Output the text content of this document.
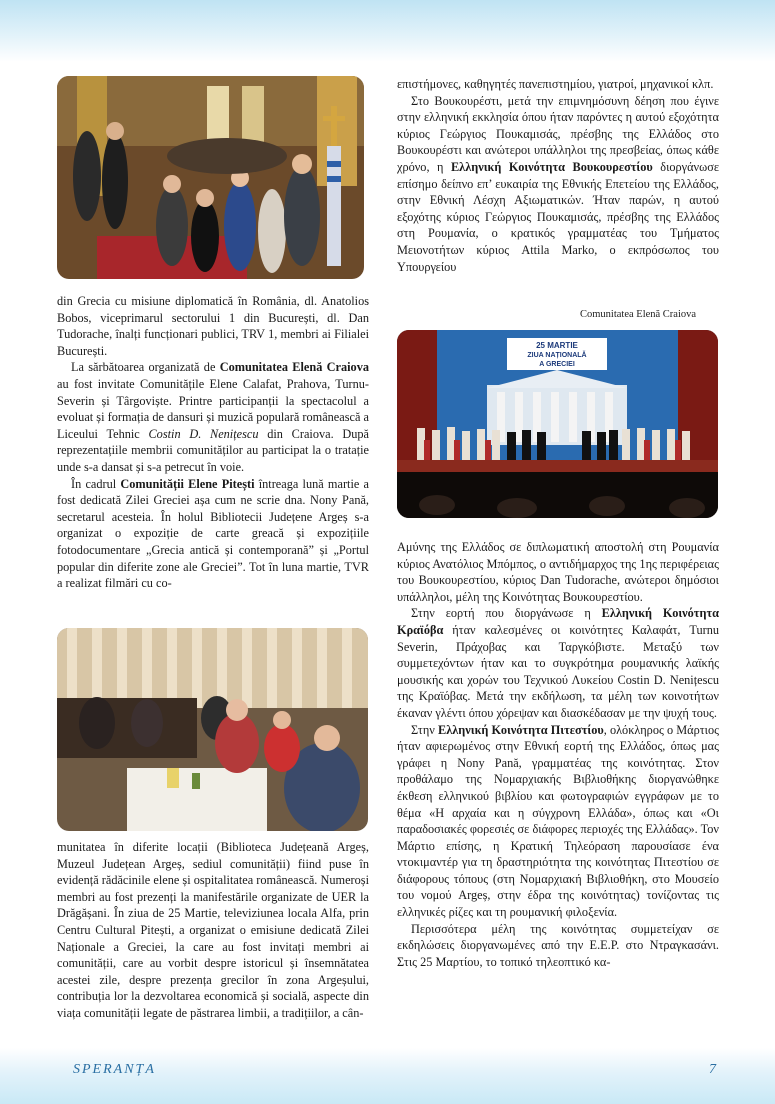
din Grecia cu misiune diplomatică în România, dl. Anatolios Bobos, viceprimarul sectorului 1 din București, dl. Dan Tudorache, înalți funcționari publici, TRV 1, membri ai Filialei București.

La sărbătoarea organizată de Comunitatea Elenă Craiova au fost invitate Comunitățile Elene Calafat, Prahova, Turnu-Severin și Târgoviște. Printre participanții la spectacolul a evoluat și formația de dansuri și muzică populară românească a Liceului Tehnic Costin D. Nenițescu din Craiova. După reprezentațiile membrii comunităților au participat la o tratație unde s-a dansat și s-a petrecut în voie.

În cadrul Comunității Elene Pitești întreaga lună martie a fost dedicată Zilei Greciei așa cum ne scrie dna. Nony Pană, secretarul acesteia. În holul Bibliotecii Județene Argeș s-a organizat o expoziție de carte greacă și expozițiile fotodocumentare „Grecia antică și contemporană” și „Portul popular din diferite zone ale Greciei”. Tot în luna martie, TVR a realizat filmări cu co-

munitatea în diferite locații (Biblioteca Județeană Argeș, Muzeul Județean Argeș, sediul comunității) fiind puse în evidență rădăcinile elene și ospitalitatea românească. Numeroși membri au fost prezenți la manifestările organizate de UER la Drăgășani. În ziua de 25 Martie, televiziunea locala Alfa, prin Centru Cultural Pitești, a organizat o emisiune dedicată Zilei Naționale a Greciei, la care au fost invitați membri ai comunității, care au vorbit despre istoricul și însemnătatea acestei zile, despre prezența grecilor în zona Argeșului, contribuția lor la dezvoltarea economică și socială, aspecte din viața comunității legate de păstrarea limbii, a tradițiilor, a cân-

επιστήμονες, καθηγητές πανεπιστημίου, γιατροί, μηχανικοί κλπ.

Στο Βουκουρέστι, μετά την επιμνημόσυνη δέηση που έγινε στην ελληνική εκκλησία όπου ήταν παρόντες η αυτού εξοχότητα κύριος Γεώργιος Πουκαμισάς, πρέσβης της Ελλάδος στο Βουκουρέστι και ανώτεροι υπάλληλοι της πρεσβείας, όπως κάθε χρόνο, η Ελληνική Κοινότητα Βουκουρεστίου διοργάνωσε επίσημο δείπνο επ’ ευκαιρία της Εθνικής Επετείου της Ελλάδος, στην Εθνική Λέσχη Αξιωματικών. Ήταν παρών, η αυτού εξοχότης κύριος Γεώργιος Πουκαμισάς, πρέσβης της Ελλάδος στη Ρουμανία, ο κρατικός γραμματέας του Τμήματος Μειονοτήτων κύριος Attila Marko, ο εκπρόσωπος του Υπουργείου

Comunitatea Elenă Craiova
25 MARTIE
ZIUA NAȚIONALĂ
A GRECIEI

Αμύνης της Ελλάδος σε διπλωματική αποστολή στη Ρουμανία κύριος Ανατόλιος Μπόμπος, ο αντιδήμαρχος της 1ης περιφέρειας του Βουκουρεστίου, κύριος Dan Tudorache, ανώτεροι δημόσιοι υπάλληλοι, μέλη της Κοινότητας Βουκουρεστίου.

Στην εορτή που διοργάνωσε η Ελληνική Κοινότητα Κραϊόβα ήταν καλεσμένες οι κοινότητες Καλαφάτ, Turnu Severin, Πράχοβας και Ταργκόβιστε. Μεταξύ των συμμετεχόντων ήταν και το συγκρότημα ρουμανικής λαϊκής μουσικής και χορών του Τεχνικού Λυκείου Costin D. Nenițescu της Κραϊόβας. Μετά την εκδήλωση, τα μέλη των κοινοτήτων έκαναν γλέντι όπου χόρεψαν και διασκέδασαν με την ψυχή τους.

Στην Ελληνική Κοινότητα Πιτεστίου, ολόκληρος ο Μάρτιος ήταν αφιερωμένος στην Εθνική εορτή της Ελλάδος, όπως μας γράφει η Nony Pană, γραμματέας της κοινότητας. Στον προθάλαμο της Νομαρχιακής Βιβλιοθήκης διοργανώθηκε έκθεση ελληνικού βιβλίου και φωτογραφιών εγγράφων με το θέμα «Η αρχαία και η σύγχρονη Ελλάδα», όπως και «Οι παραδοσιακές φορεσιές σε διάφορες περιοχές της Ελλάδας». Τον Μάρτιο επίσης, η Κρατική Τηλεόραση παρουσίασε ένα ντοκιμαντέρ για τη δραστηριότητα της κοινότητας Πιτεστίου σε διάφορους τόπους (στη Νομαρχιακή Βιβλιοθήκη, στο Μουσείο του νομού Argeș, στην έδρα της κοινότητας) τονίζοντας τις ελληνικές ρίζες και τη ρουμανική φιλοξενία.

Περισσότερα μέλη της κοινότητας συμμετείχαν σε εκδηλώσεις διοργανωμένες από την Ε.Ε.Ρ. στο Ντραγκασάνι. Στις 25 Μαρτίου, το τοπικό τηλεοπτικό κα-

SPERANȚA	7
